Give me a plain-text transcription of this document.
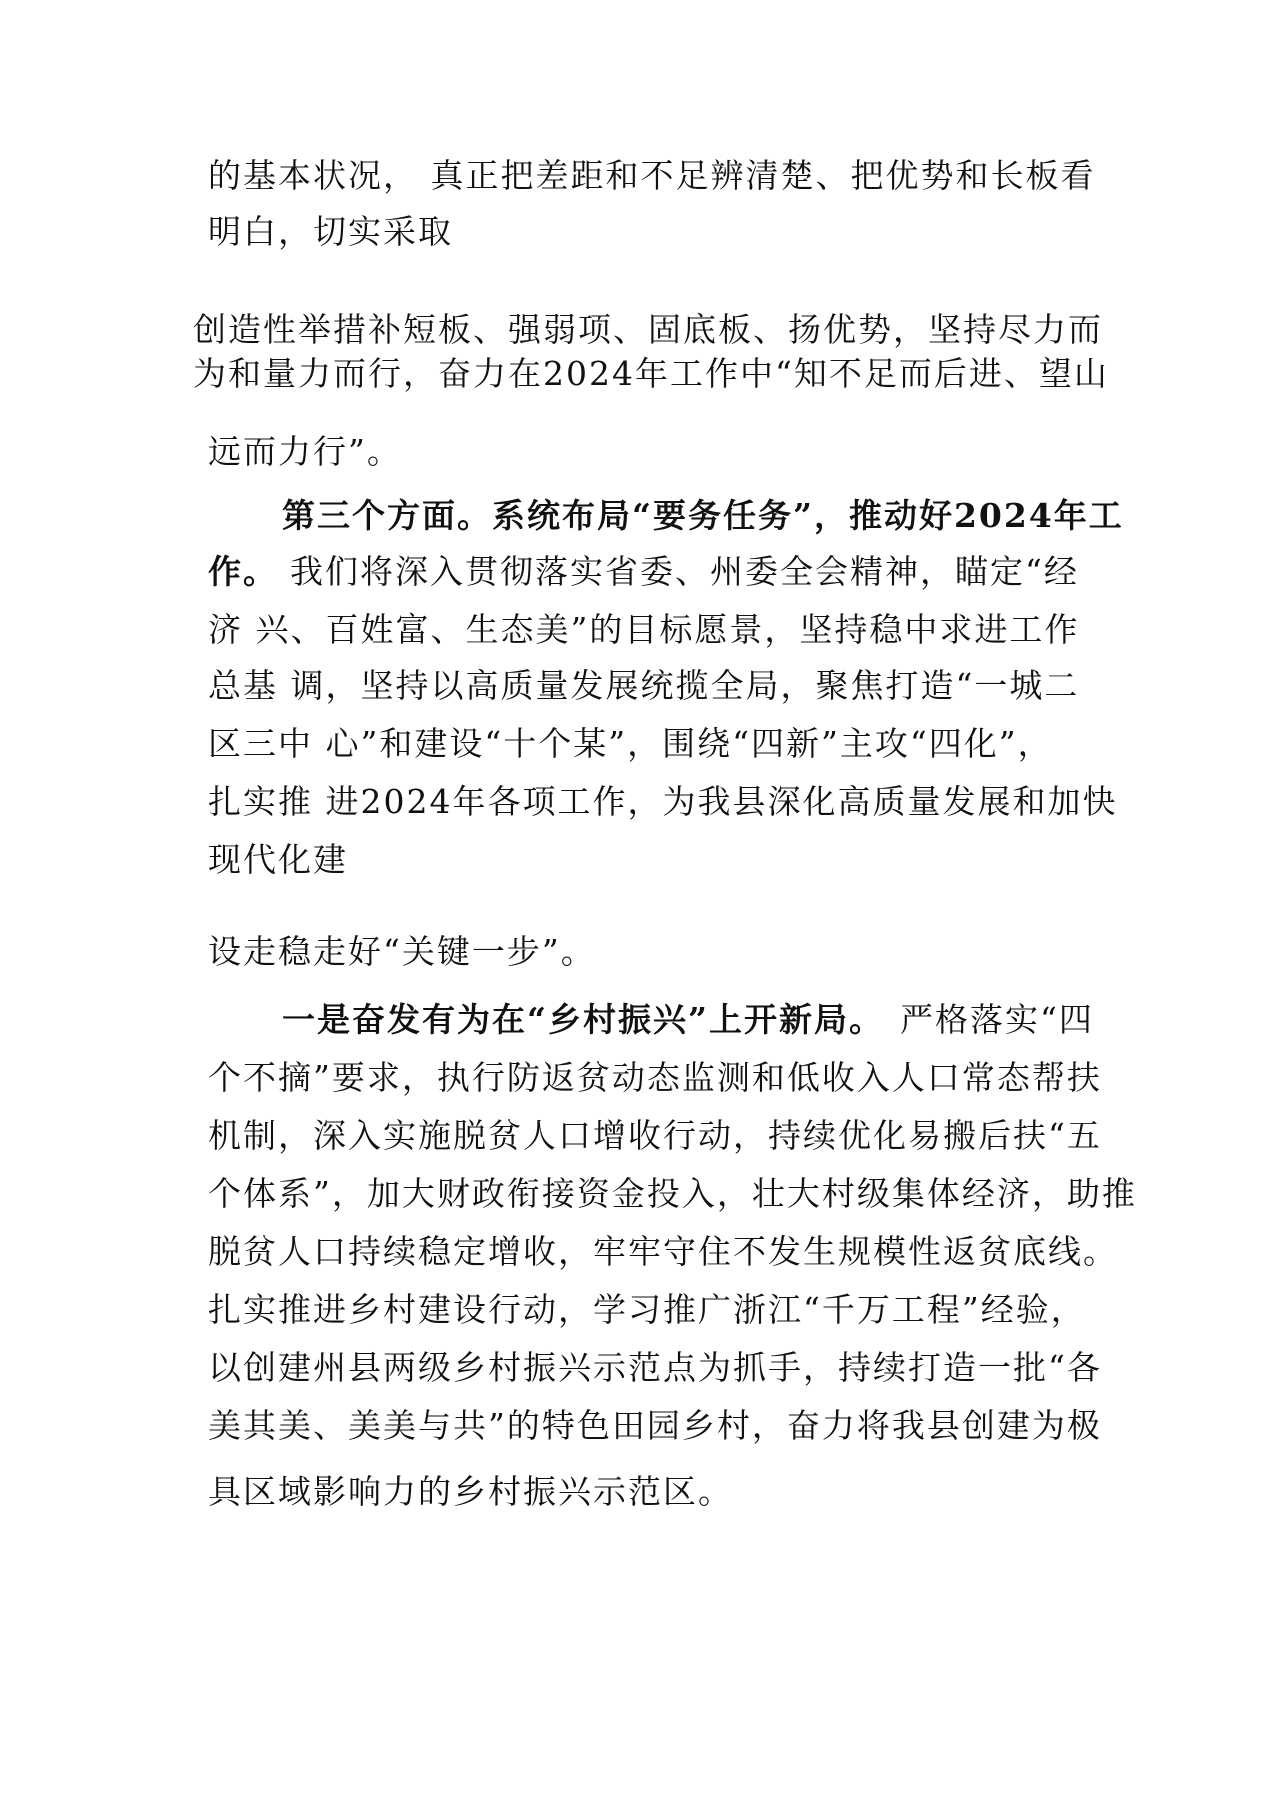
的基本状况， 真正把差距和不足辨清楚、把优势和长板看

明白，切实采取

创造性举措补短板、强弱项、固底板、扬优势，坚持尽力而

为和量力而行，奋力在2024年工作中“知不足而后进、望山

远而力行”。

第三个方面。系统布局“要务任务”，推动好2024年工

作。 我们将深入贯彻落实省委、州委全会精神，瞄定“经

济 兴、百姓富、生态美”的目标愿景，坚持稳中求进工作

总基 调，坚持以高质量发展统揽全局，聚焦打造“一城二

区三中 心”和建设“十个某”，围绕“四新”主攻“四化”，

扎实推 进2024年各项工作，为我县深化高质量发展和加快

现代化建

设走稳走好“关键一步”。

一是奋发有为在“乡村振兴”上开新局。 严格落实“四

个不摘”要求，执行防返贫动态监测和低收入人口常态帮扶

机制，深入实施脱贫人口增收行动，持续优化易搬后扶“五

个体系”，加大财政衔接资金投入，壮大村级集体经济，助推

脱贫人口持续稳定增收，牢牢守住不发生规模性返贫底线。

扎实推进乡村建设行动，学习推广浙江“千万工程”经验，

以创建州县两级乡村振兴示范点为抓手，持续打造一批“各

美其美、美美与共”的特色田园乡村，奋力将我县创建为极

具区域影响力的乡村振兴示范区。
